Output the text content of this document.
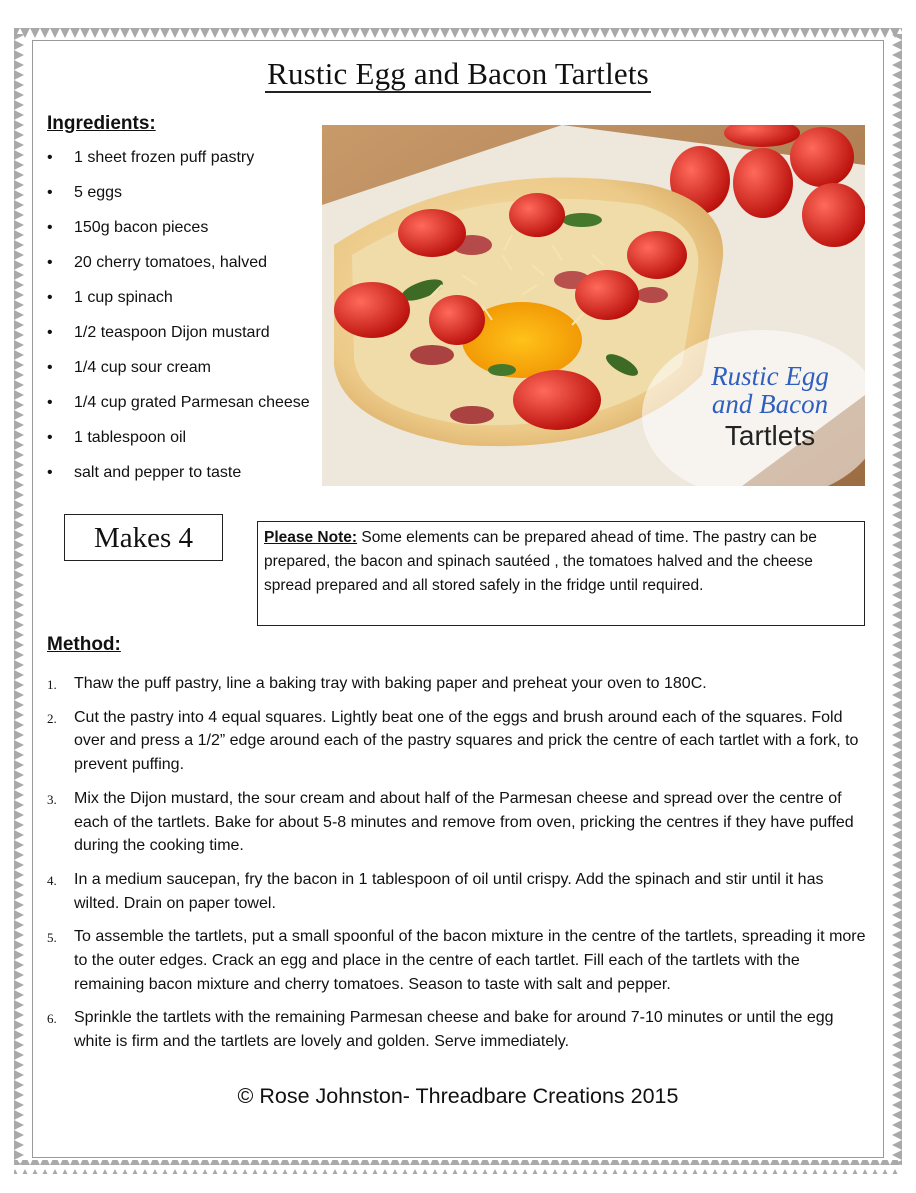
Rustic Egg and Bacon Tartlets
Ingredients:
• 1 sheet frozen puff pastry
• 5 eggs
• 150g bacon pieces
• 20 cherry tomatoes, halved
• 1 cup spinach
• 1/2 teaspoon Dijon mustard
• 1/4 cup sour cream
• 1/4 cup grated Parmesan cheese
• 1 tablespoon oil
• salt and pepper to taste
Rustic Egg
and Bacon
Tartlets
Makes 4	Please Note: Some elements can be prepared ahead of time. The pastry can be prepared, the bacon and spinach sautéed , the tomatoes halved and the cheese spread prepared and all stored safely in the fridge until required.
Method:
1. Thaw the puff pastry, line a baking tray with baking paper and preheat your oven to 180C.
2. Cut the pastry into 4 equal squares. Lightly beat one of the eggs and brush around each of the squares. Fold over and press a 1/2” edge around each of the pastry squares and prick the centre of each tartlet with a fork, to prevent puffing.
3. Mix the Dijon mustard, the sour cream and about half of the Parmesan cheese and spread over the centre of each of the tartlets. Bake for about 5-8 minutes and remove from oven, pricking the centres if they have puffed during the cooking time.
4. In a medium saucepan, fry the bacon in 1 tablespoon of oil until crispy. Add the spinach and stir until it has wilted. Drain on paper towel.
5. To assemble the tartlets, put a small spoonful of the bacon mixture in the centre of the tartlets, spreading it more to the outer edges. Crack an egg and place in the centre of each tartlet. Fill each of the tartlets with the remaining bacon mixture and cherry tomatoes. Season to taste with salt and pepper.
6. Sprinkle the tartlets with the remaining Parmesan cheese and bake for around 7-10 minutes or until the egg white is firm and the tartlets are lovely and golden. Serve immediately.
© Rose Johnston- Threadbare Creations 2015
